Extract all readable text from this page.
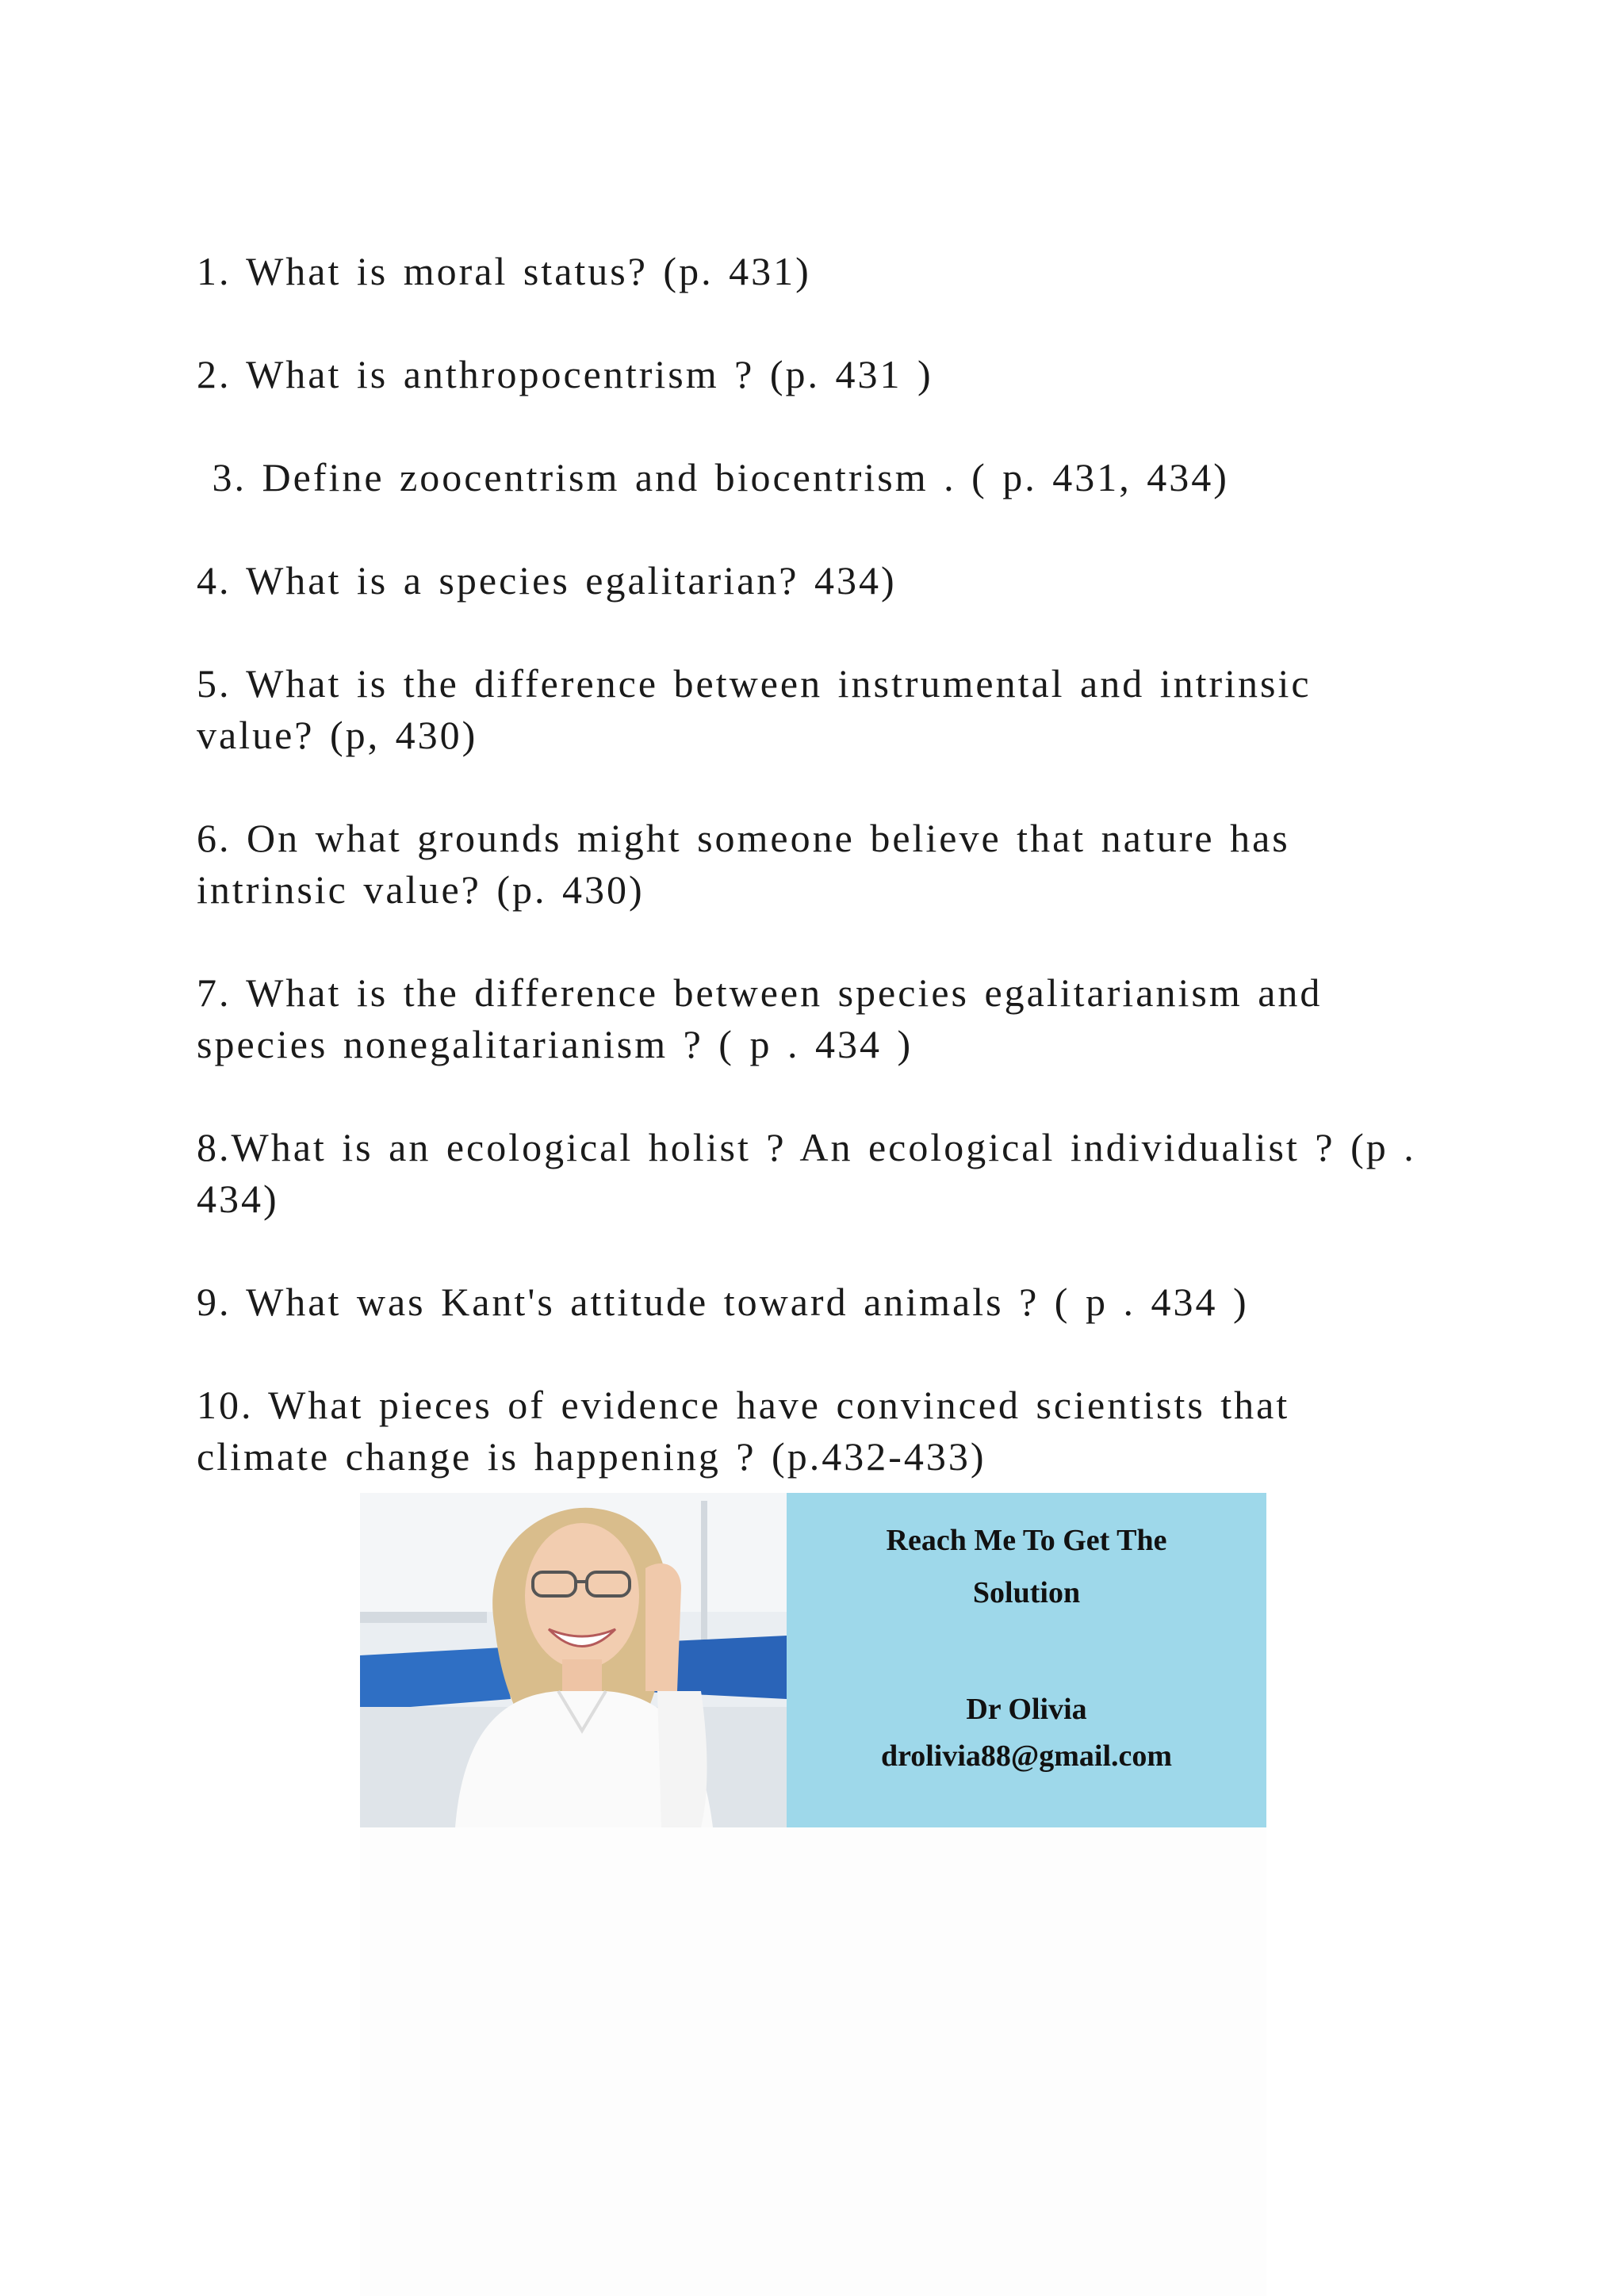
1. What is moral status? (p. 431)

2. What is anthropocentrism ? (p. 431 )

3. Define zoocentrism and biocentrism . ( p. 431, 434)

4. What is a species egalitarian? 434)

5. What is the difference between instrumental and intrinsic value? (p, 430)

6. On what grounds might someone believe that nature has intrinsic value? (p. 430)

7. What is the difference between species egalitarianism and species nonegalitarianism ? ( p . 434 )

8.What is an ecological holist ? An ecological individualist ? (p . 434)

9. What was Kant's attitude toward animals ? ( p . 434 )

10. What pieces of evidence have convinced scientists that climate change is happening ? (p.432-433)

Reach Me To Get The
Solution
Dr Olivia
drolivia88@gmail.com
